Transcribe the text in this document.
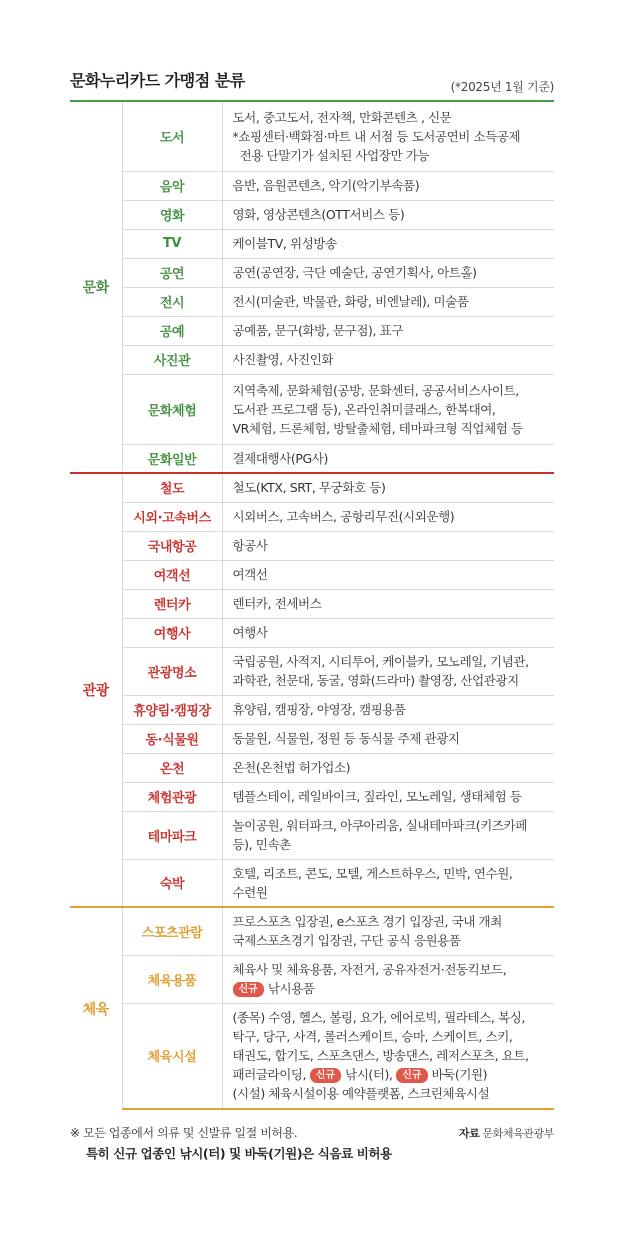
문화누리카드 가맹점 분류	(*2025년 1월 기준)
문화	도서	도서, 중고도서, 전자책, 만화콘텐츠 , 신문
*쇼핑센터·백화점·마트 내 서점 등 도서공연비 소득공제
전용 단말기가 설치된 사업장만 가능

	음악	음반, 음원콘텐츠, 악기(악기부속품)

	영화	영화, 영상콘텐츠(OTT서비스 등)

	TV	케이블TV, 위성방송

	공연	공연(공연장, 극단 예술단, 공연기획사, 아트홀)

	전시	전시(미술관, 박물관, 화랑, 비엔날레), 미술품

	공예	공예품, 문구(화방, 문구점), 표구

	사진관	사진촬영, 사진인화

	문화체험	지역축제, 문화체험(공방, 문화센터, 공공서비스사이트,
도서관 프로그램 등), 온라인취미클래스, 한복대여,
VR체험, 드론체험, 방탈출체험, 테마파크형 직업체험 등

	문화일반	결제대행사(PG사)

관광	철도	철도(KTX, SRT, 무궁화호 등)

	시외·고속버스	시외버스, 고속버스, 공항리무진(시외운행)

	국내항공	항공사

	여객선	여객선

	렌터카	렌터카, 전세버스

	여행사	여행사

	관광명소	국립공원, 사적지, 시티투어, 케이블카, 모노레일, 기념관,
과학관, 천문대, 동굴, 영화(드라마) 촬영장, 산업관광지

	휴양림·캠핑장	휴양림, 캠핑장, 야영장, 캠핑용품

	동·식물원	동물원, 식물원, 정원 등 동식물 주제 관광지

	온천	온천(온천법 허가업소)

	체험관광	템플스테이, 레일바이크, 짚라인, 모노레일, 생태체험 등

	테마파크	놀이공원, 워터파크, 아쿠아리움, 실내테마파크(키즈카페
등), 민속촌

	숙박	호텔, 리조트, 콘도, 모텔, 게스트하우스, 민박, 연수원,
수련원

체육	스포츠관람	프로스포츠 입장권, e스포츠 경기 입장권, 국내 개최
국제스포츠경기 입장권, 구단 공식 응원용품

	체육용품	체육사 및 체육용품, 자전거, 공유자전거·전동킥보드,
신규 낚시용품

	체육시설	(종목) 수영, 헬스, 볼링, 요가, 에어로빅, 필라테스, 복싱,
탁구, 당구, 사격, 롤러스케이트, 승마, 스케이트, 스키,
태권도, 합기도, 스포츠댄스, 방송댄스, 레저스포츠, 요트,
패러글라이딩, 신규 낚시(터), 신규 바둑(기원)
(시설) 체육시설이용 예약플랫폼, 스크린체육시설
※ 모든 업종에서 의류 및 신발류 일절 비허용.
특히 신규 업종인 낚시(터) 및 바둑(기원)은 식음료 비허용
자료 문화체육관광부
